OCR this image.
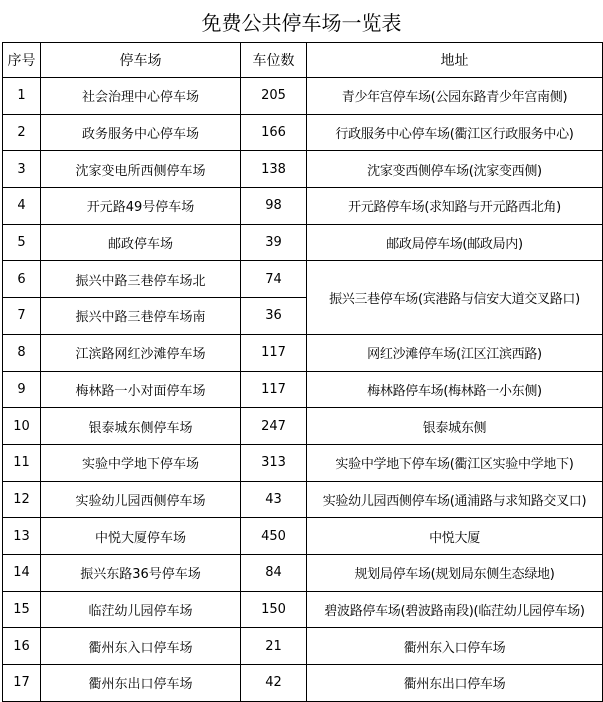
免费公共停车场一览表
序号	停车场	车位数	地址
1	社会治理中心停车场	205	青少年宫停车场(公园东路青少年宫南侧)
2	政务服务中心停车场	166	行政服务中心停车场(衢江区行政服务中心)
3	沈家变电所西侧停车场	138	沈家变西侧停车场(沈家变西侧)
4	开元路49号停车场	98	开元路停车场(求知路与开元路西北角)
5	邮政停车场	39	邮政局停车场(邮政局内)
6	振兴中路三巷停车场北	74	振兴三巷停车场(宾港路与信安大道交叉路口)
7	振兴中路三巷停车场南	36	
8	江滨路网红沙滩停车场	117	网红沙滩停车场(江区江滨西路)
9	梅林路一小对面停车场	117	梅林路停车场(梅林路一小东侧)
10	银泰城东侧停车场	247	银泰城东侧
11	实验中学地下停车场	313	实验中学地下停车场(衢江区实验中学地下)
12	实验幼儿园西侧停车场	43	实验幼儿园西侧停车场(通浦路与求知路交叉口)
13	中悦大厦停车场	450	中悦大厦
14	振兴东路36号停车场	84	规划局停车场(规划局东侧生态绿地)
15	临茳幼儿园停车场	150	碧波路停车场(碧波路南段)(临茳幼儿园停车场)
16	衢州东入口停车场	21	衢州东入口停车场
17	衢州东出口停车场	42	衢州东出口停车场
